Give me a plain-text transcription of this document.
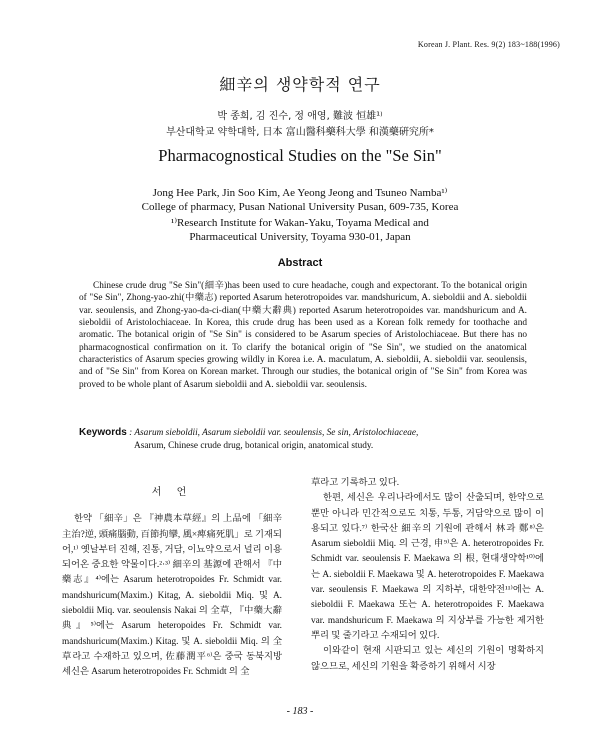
Korean J. Plant. Res. 9(2) 183~188(1996)
細辛의 생약학적 연구
박 종희, 김 진수, 정 애영, 難波 恒雄¹⁾
부산대학교 약학대학, 日本 富山醫科藥科大學 和漢藥硏究所*
Pharmacognostical Studies on the "Se Sin"
Jong Hee Park, Jin Soo Kim, Ae Yeong Jeong and Tsuneo Namba¹⁾
College of pharmacy, Pusan National University Pusan, 609-735, Korea
¹⁾Research Institute for Wakan-Yaku, Toyama Medical and
Pharmaceutical University, Toyama 930-01, Japan
Abstract

Chinese crude drug "Se Sin"(細辛)has been used to cure headache, cough and expectorant. To the botanical origin of "Se Sin", Zhong-yao-zhi(中藥志) reported Asarum heterotropoides var. mandshuricum, A. sieboldii and A. sieboldii var. seoulensis, and Zhong-yao-da-ci-dian(中藥大辭典) reported Asarum heterotropoides var. mandshuricum and A. sieboldii of Aristolochiaceae. In Korea, this crude drug has been used as a Korean folk remedy for toothache and aromatic. The botanical origin of "Se Sin" is considered to be Asarum species of Aristolochiaceae. But there has no pharmacognostical confirmation on it. To clarify the botanical origin of "Se Sin", we studied on the anatomical characteristics of Asarum species growing wildly in Korea i.e. A. maculatum, A. sieboldii, A. sieboldii var. seoulensis, and of "Se Sin" from Korea on Korean market. Through our studies, the botanical origin of "Se Sin" from Korea was proved to be whole plant of Asarum sieboldii and A. sieboldii var. seoulensis.

Keywords : Asarum sieboldii, Asarum sieboldii var. seoulensis, Se sin, Aristolochiaceae,
Asarum, Chinese crude drug, botanical origin, anatomical study.
서 언

한약 「細辛」은 『神農本草經』의 上品에 「細辛主治?逆, 頭痛腦動, 百節拘攣, 風×痺痛死肌」로 기재되어,¹⁾ 옛날부터 진해, 진통, 거담, 이뇨약으로서 널리 이용되어온 중요한 약물이다.²·³⁾ 細辛의 基源에 관해서 『中藥志』⁴⁾에는 Asarum heterotropoides Fr. Schmidt var. mandshuricum(Maxim.) Kitag, A. sieboldii Miq. 및 A. sieboldii Miq. var. seoulensis Nakai 의 全草, 『中藥大辭典』⁵⁾에는 Asarum heteropoides Fr. Schmidt var. mandshuricum(Maxim.) Kitag. 및 A. sieboldii Miq. 의 全草라고 수재하고 있으며, 佐藤潤平⁶⁾은 중국 동북지방 세신은 Asarum heterotropoides Fr. Schmidt 의 全

草라고 기록하고 있다.

한편, 세신은 우리나라에서도 많이 산출되며, 한약으로 뿐만 아니라 민간적으로도 치통, 두통, 거담약으로 많이 이용되고 있다.⁷⁾ 한국산 細辛의 기원에 관해서 林과 鄭⁸⁾은 Asarum sieboldii Miq. 의 근경, 申⁹⁾은 A. heterotropoides Fr. Schmidt var. seoulensis F. Maekawa 의 根, 현대생약학¹⁰⁾에는 A. sieboldii F. Maekawa 및 A. heterotropoides F. Maekawa var. seoulensis F. Maekawa 의 지하부, 대한약전¹¹⁾에는 A. sieboldii F. Maekawa 또는 A. heterotropoides F. Maekawa var. mandshuricum F. Maekawa 의 지상부를 가능한 제거한 뿌리 및 줄기라고 수재되어 있다.

이와같이 현재 시판되고 있는 세신의 기원이 명확하지 않으므로, 세신의 기원을 확증하기 위해서 시장

- 183 -
